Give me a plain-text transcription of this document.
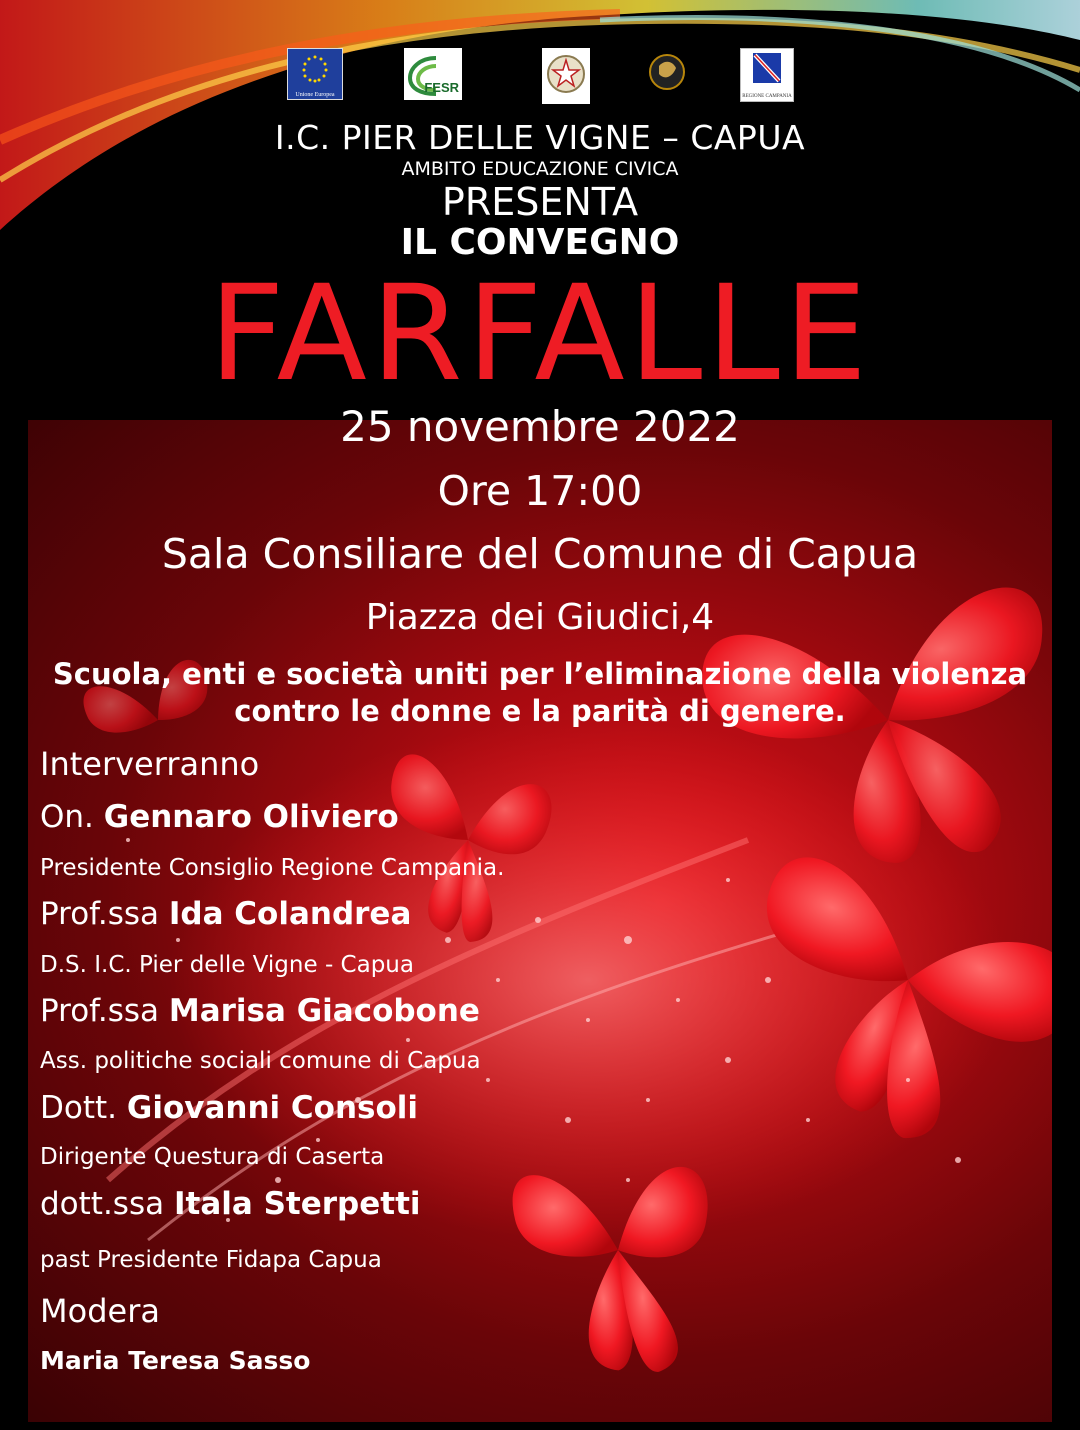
Unione Europea	FESR
REGIONE CAMPANIA
I.C. PIER DELLE VIGNE – CAPUA
AMBITO EDUCAZIONE CIVICA
PRESENTA
IL CONVEGNO
FARFALLE
25 novembre 2022
Ore 17:00
Sala Consiliare del Comune di Capua
Piazza dei Giudici,4
Scuola, enti e società uniti per l’eliminazione della violenza
contro le donne e la parità di genere.
Interverranno
On. Gennaro Oliviero
Presidente Consiglio Regione Campania.
Prof.ssa Ida Colandrea
D.S. I.C. Pier delle Vigne - Capua
Prof.ssa Marisa Giacobone
Ass. politiche sociali comune di Capua
Dott. Giovanni Consoli
Dirigente Questura di Caserta
dott.ssa Itala Sterpetti
past Presidente Fidapa Capua
Modera
Maria Teresa Sasso
